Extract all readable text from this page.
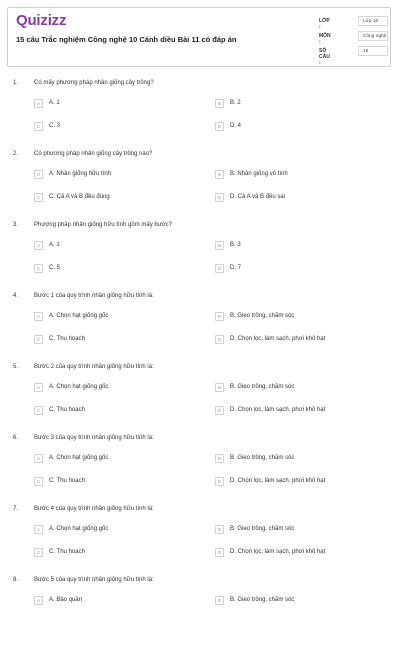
Quizizz
15 câu Trắc nghiệm Công nghệ 10 Cánh diều Bài 11 có đáp án
LỚP :
Lớp 10
MÔN :
Công nghệ
SỐ CÂU :
15
1.	Có mấy phương pháp nhân giống cây trồng?
A	A. 1	B	B. 2
C	C. 3	D	D. 4
2.	Có phương pháp nhân giống cây trồng nào?
A	A. Nhân giống hữu tính	B	B. Nhân giống vô tính
C	C. Cả A và B đều đúng	D	D. Cả A và B đều sai
3.	Phương pháp nhân giống hữu tính gồm mấy bước?
A	A. 1	B	B. 3
C	C. 5	D	D. 7
4.	Bước 1 của quy trình nhân giống hữu tính là:
A	A. Chọn hạt giống gốc	B	B. Gieo trồng, chăm sóc
C	C. Thu hoạch	D	D. Chọn lọc, làm sạch, phơi khô hạt
5.	Bước 2 của quy trình nhân giống hữu tính là:
A	A. Chọn hạt giống gốc	B	B. Gieo trồng, chăm sóc
C	C. Thu hoạch	D	D. Chọn lọc, làm sạch, phơi khô hạt
6.	Bước 3 của quy trình nhân giống hữu tính là:
A	A. Chọn hạt giống gốc	B	B. Gieo trồng, chăm sóc
C	C. Thu hoạch	D	D. Chọn lọc, làm sạch, phơi khô hạt
7.	Bước 4 của quy trình nhân giống hữu tính là:
A	A. Chọn hạt giống gốc	B	B. Gieo trồng, chăm sóc
C	C. Thu hoạch	D	D. Chọn lọc, làm sạch, phơi khô hạt
8.	Bước 5 của quy trình nhân giống hữu tính là:
A	A. Bảo quản	B	B. Gieo trồng, chăm sóc
